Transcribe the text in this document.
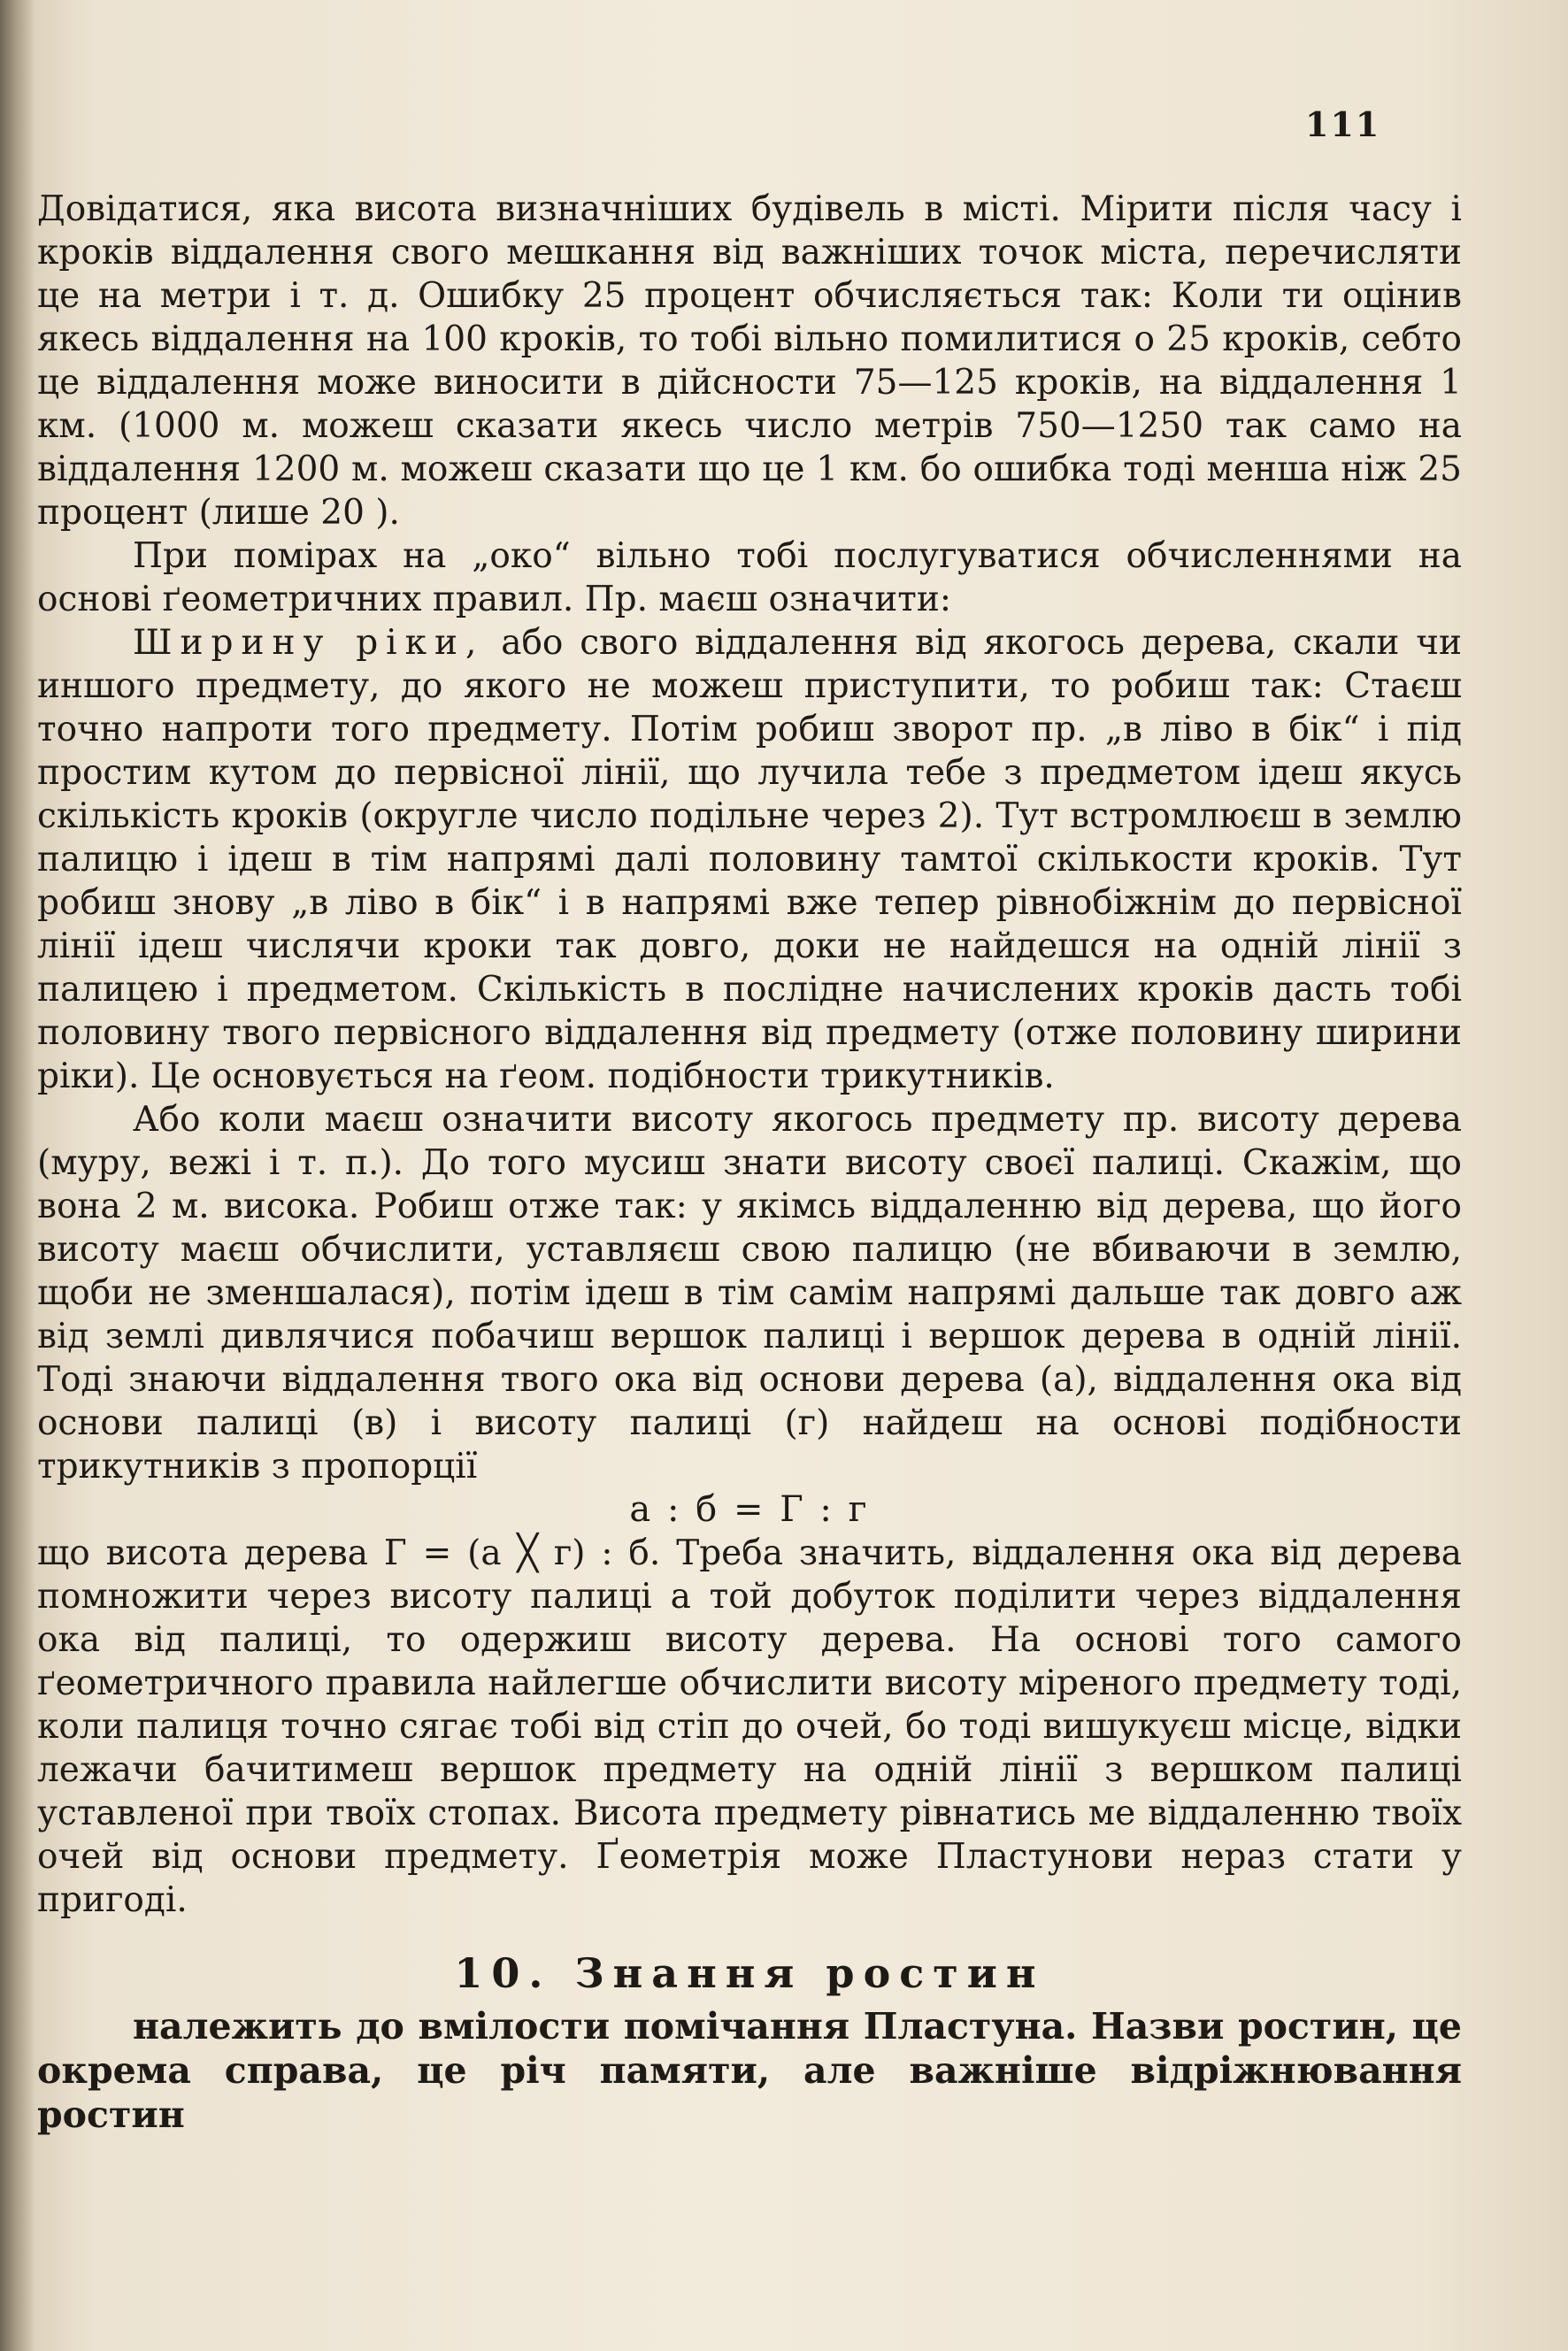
111

Довідатися, яка висота визначніших будівель в місті. Мірити після часу і кроків віддалення свого мешкання від важніших точок міста, перечисляти це на метри і т. д. Ошибку 25 процент обчисляється так: Коли ти оцінив якесь віддалення на 100 кроків, то тобі вільно помилитися о 25 кроків, себто це віддалення може виносити в дійсности 75—125 кроків, на віддалення 1 км. (1000 м. можеш сказати якесь число метрів 750—1250 так само на віддалення 1200 м. можеш сказати що це 1 км. бо ошибка тоді менша ніж 25 процент (лише 20 ).

При помірах на „око“ вільно тобі послугуватися обчисленнями на основі ґеометричних правил. Пр. маєш означити:

Ширину ріки, або свого віддалення від якогось дерева, скали чи иншого предмету, до якого не можеш приступити, то робиш так: Стаєш точно напроти того предмету. Потім робиш зворот пр. „в ліво в бік“ і під простим кутом до первісної лінії, що лучила тебе з предметом ідеш якусь скількість кроків (округле число подільне через 2). Тут встромлюєш в землю палицю і ідеш в тім напрямі далі половину тамтої скількости кроків. Тут робиш знову „в ліво в бік“ і в напрямі вже тепер рівнобіжнім до первісної лінії ідеш числячи кроки так довго, доки не найдешся на одній лінії з палицею і предметом. Скількість в послідне начислених кроків дасть тобі половину твого первісного віддалення від предмету (отже половину ширини ріки). Це основується на ґеом. подібности трикутників.

Або коли маєш означити висоту якогось предмету пр. висоту дерева (муру, вежі і т. п.). До того мусиш знати висоту своєї палиці. Скажім, що вона 2 м. висока. Робиш отже так: у якімсь віддаленню від дерева, що його висоту маєш обчислити, уставляєш свою палицю (не вбиваючи в землю, щоби не зменшалася), потім ідеш в тім самім напрямі дальше так довго аж від землі дивлячися побачиш вершок палиці і вершок дерева в одній лінії. Тоді знаючи віддалення твого ока від основи дерева (а), віддалення ока від основи палиці (в) і висоту палиці (г) найдеш на основі подібности трикутників з пропорції

а : б = Г : г

що висота дерева Г = (а ╳ г) : б. Треба значить, віддалення ока від дерева помножити через висоту палиці а той добуток поділити через віддалення ока від палиці, то одержиш висоту дерева. На основі того самого ґеометричного правила найлегше обчислити висоту міреного предмету тоді, коли палиця точно сягає тобі від стіп до очей, бо тоді вишукуєш місце, відки лежачи бачитимеш вершок предмету на одній лінії з вершком палиці уставленої при твоїх стопах. Висота предмету рівнатись ме віддаленню твоїх очей від основи предмету. Ґеометрія може Пластунови нераз стати у пригоді.

10. Знання ростин

належить до вмілости помічання Пластуна. Назви ростин, це окрема справа, це річ памяти, але важніше відріжнювання ростин
